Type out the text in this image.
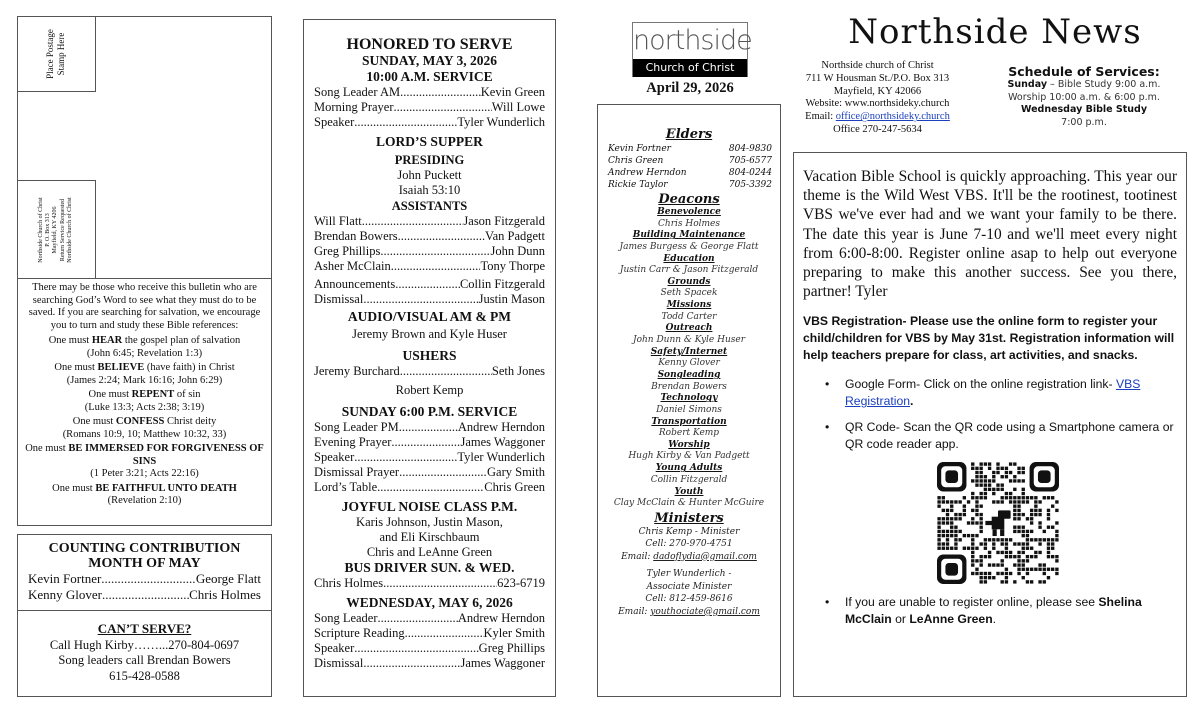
Place Postage Stamp Here
Northside Church of Christ P. O. Box 313 Mayfield, KY 4206 Return Service Requested Northside Church of Christ
There may be those who receive this bulletin who are searching God’s Word to see what they must do to be saved. If you are searching for salvation, we encourage you to turn and study these Bible references:
One must HEAR the gospel plan of salvation
(John 6:45; Revelation 1:3)
One must BELIEVE (have faith) in Christ
(James 2:24; Mark 16:16; John 6:29)
One must REPENT of sin
(Luke 13:3; Acts 2:38; 3:19)
One must CONFESS Christ deity
(Romans 10:9, 10; Matthew 10:32, 33)
One must BE IMMERSED FOR FORGIVENESS OF SINS
(1 Peter 3:21; Acts 22:16)
One must BE FAITHFUL UNTO DEATH
(Revelation 2:10)
COUNTING CONTRIBUTION
MONTH OF MAY
Kevin Fortner .....	George Flatt
Kenny Glover .....	Chris Holmes
CAN’T SERVE?
Call Hugh Kirby……...270-804-0697
Song leaders call Brendan Bowers
615-428-0588
HONORED TO SERVE
SUNDAY, MAY 3, 2026
10:00 A.M. SERVICE
Song Leader AM .....	Kevin Green
Morning Prayer .....	Will Lowe
Speaker .....	Tyler Wunderlich
LORD’S SUPPER
PRESIDING
John Puckett
Isaiah 53:10
ASSISTANTS
Will Flatt .....	Jason Fitzgerald
Brendan Bowers .....	Van Padgett
Greg Phillips .....	John Dunn
Asher McClain .....	Tony Thorpe
Announcements .....	Collin Fitzgerald
Dismissal .....	Justin Mason
AUDIO/VISUAL AM & PM
Jeremy Brown and Kyle Huser
USHERS
Jeremy Burchard .....	Seth Jones
Robert Kemp
SUNDAY 6:00 P.M. SERVICE
Song Leader PM .....	Andrew Herndon
Evening Prayer .....	James Waggoner
Speaker .....	Tyler Wunderlich
Dismissal Prayer .....	Gary Smith
Lord’s Table .....	Chris Green
JOYFUL NOISE CLASS P.M.
Karis Johnson, Justin Mason,
and Eli Kirschbaum
Chris and LeAnne Green
BUS DRIVER SUN. & WED.
Chris Holmes .....	623-6719
WEDNESDAY, MAY 6, 2026
Song Leader .....	Andrew Herndon
Scripture Reading .....	Kyler Smith
Speaker .....	Greg Phillips
Dismissal .....	James Waggoner
northside
Church of Christ
April 29, 2026
Elders
Kevin Fortner	804-9830
Chris Green	705-6577
Andrew Herndon	804-0244
Rickie Taylor	705-3392
Deacons
Benevolence
Chris Holmes
Building Maintenance
James Burgess & George Flatt
Education
Justin Carr & Jason Fitzgerald
Grounds
Seth Spacek
Missions
Todd Carter
Outreach
John Dunn & Kyle Huser
Safety/Internet
Kenny Glover
Songleading
Brendan Bowers
Technology
Daniel Simons
Transportation
Robert Kemp
Worship
Hugh Kirby & Van Padgett
Young Adults
Collin Fitzgerald
Youth
Clay McClain & Hunter McGuire
Ministers
Chris Kemp - Minister
Cell: 270-970-4751
Email: dadoflydia@gmail.com
Tyler Wunderlich -
Associate Minister
Cell: 812-459-8616
Email: youthociate@gmail.com
Northside News
Northside church of Christ
711 W Housman St./P.O. Box 313
Mayfield, KY 42066
Website: www.northsideky.church
Email: office@northsideky.church
Office 270-247-5634
Schedule of Services:
Sunday – Bible Study 9:00 a.m.
Worship 10:00 a.m. & 6:00 p.m.
Wednesday Bible Study
7:00 p.m.
Vacation Bible School is quickly approaching. This year our theme is the Wild West VBS. It'll be the rootinest, tootinest VBS we've ever had and we want your family to be there. The date this year is June 7-10 and we'll meet every night from 6:00-8:00. Register online asap to help out everyone preparing to make this another success. See you there, partner! Tyler
VBS Registration- Please use the online form to register your child/children for VBS by May 31st. Registration information will help teachers prepare for class, art activities, and snacks.
• Google Form- Click on the online registration link- VBS Registration.
• QR Code- Scan the QR code using a Smartphone camera or QR code reader app.
• If you are unable to register online, please see Shelina McClain or LeAnne Green.
